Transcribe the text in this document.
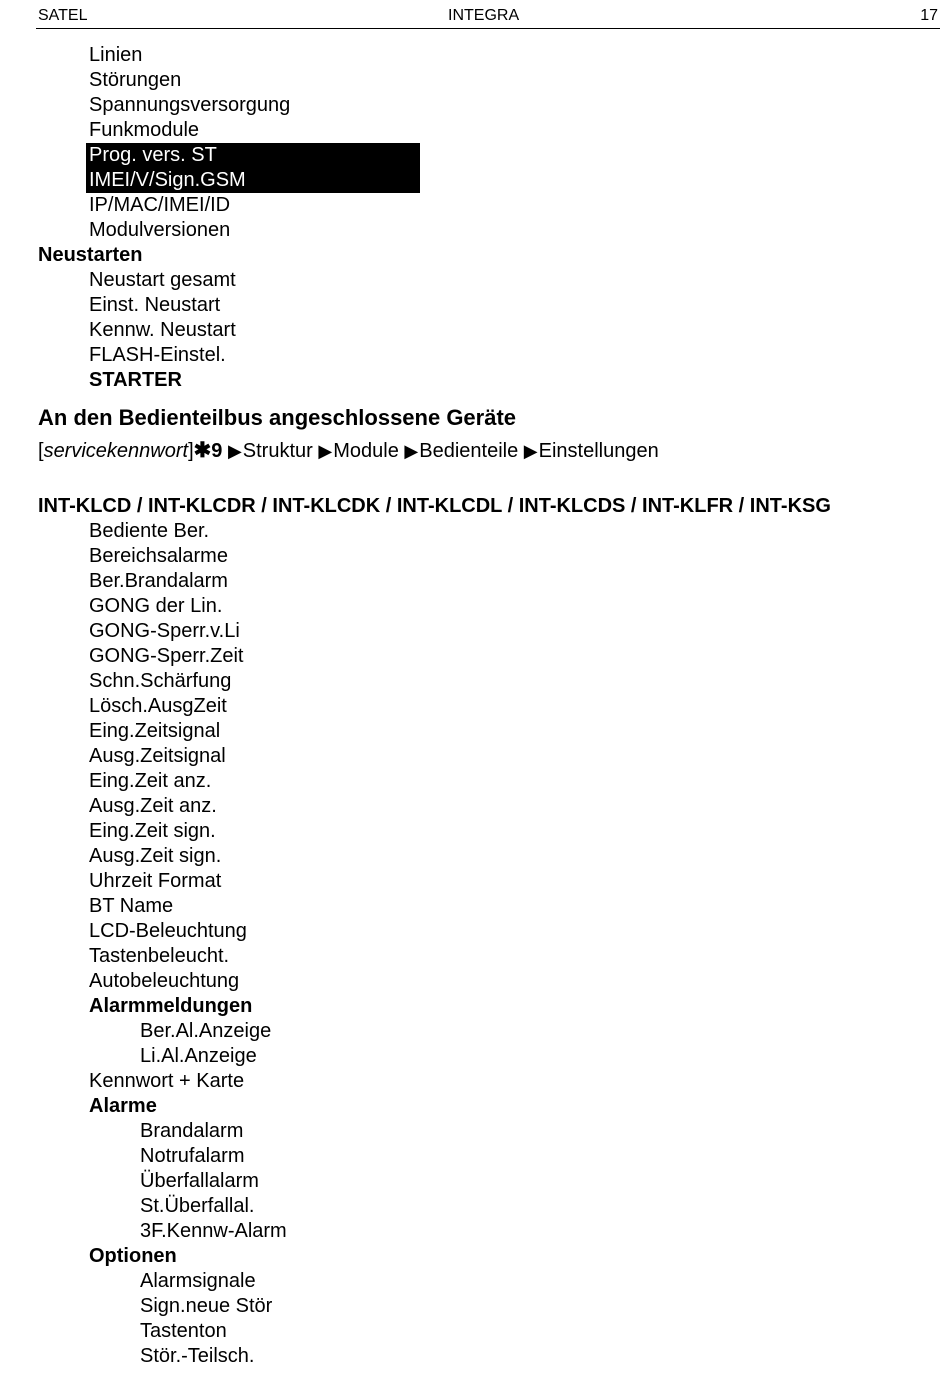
SATEL	INTEGRA	17
Linien
Störungen
Spannungsversorgung
Funkmodule
Prog. vers. ST
IMEI/V/Sign.GSM
IP/MAC/IMEI/ID
Modulversionen
Neustarten
Neustart gesamt
Einst. Neustart
Kennw. Neustart
FLASH-Einstel.
STARTER
An den Bedienteilbus angeschlossene Geräte
[servicekennwort]✱9 ▶Struktur ▶Module ▶Bedienteile ▶Einstellungen
INT-KLCD / INT-KLCDR / INT-KLCDK / INT-KLCDL / INT-KLCDS / INT-KLFR / INT-KSG
Bediente Ber.
Bereichsalarme
Ber.Brandalarm
GONG der Lin.
GONG-Sperr.v.Li
GONG-Sperr.Zeit
Schn.Schärfung
Lösch.AusgZeit
Eing.Zeitsignal
Ausg.Zeitsignal
Eing.Zeit anz.
Ausg.Zeit anz.
Eing.Zeit sign.
Ausg.Zeit sign.
Uhrzeit Format
BT Name
LCD-Beleuchtung
Tastenbeleucht.
Autobeleuchtung
Alarmmeldungen
Ber.Al.Anzeige
Li.Al.Anzeige
Kennwort + Karte
Alarme
Brandalarm
Notrufalarm
Überfallalarm
St.Überfallal.
3F.Kennw-Alarm
Optionen
Alarmsignale
Sign.neue Stör
Tastenton
Stör.-Teilsch.
